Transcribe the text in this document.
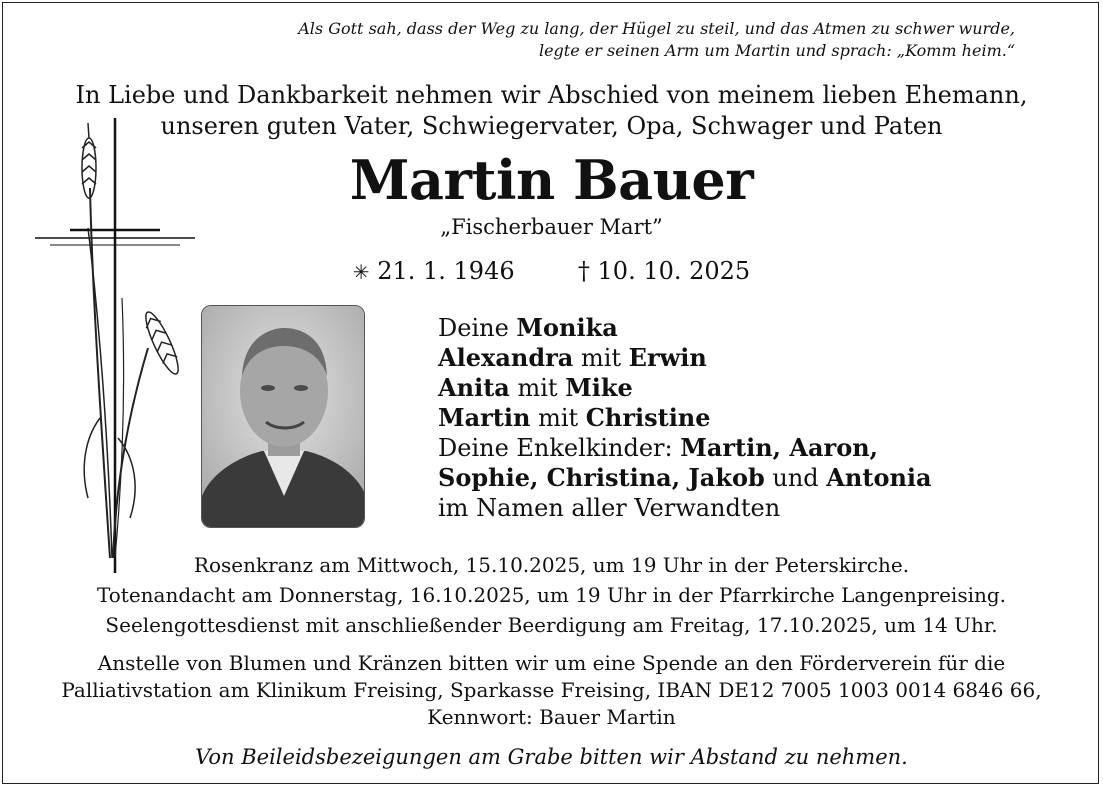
Als Gott sah, dass der Weg zu lang, der Hügel zu steil, und das Atmen zu schwer wurde,
legte er seinen Arm um Martin und sprach: „Komm heim.“
In Liebe und Dankbarkeit nehmen wir Abschied von meinem lieben Ehemann,
unseren guten Vater, Schwiegervater, Opa, Schwager und Paten
„Fischerbauer Mart”
Martin Bauer
✳ 21. 1. 1946	† 10. 10. 2025
Deine Monika
Alexandra mit Erwin
Anita mit Mike
Martin mit Christine
Deine Enkelkinder: Martin, Aaron,
Sophie, Christina, Jakob und Antonia
im Namen aller Verwandten
Rosenkranz am Mittwoch, 15.10.2025, um 19 Uhr in der Peterskirche.
Totenandacht am Donnerstag, 16.10.2025, um 19 Uhr in der Pfarrkirche Langenpreising.
Seelengottesdienst mit anschließender Beerdigung am Freitag, 17.10.2025, um 14 Uhr.
Anstelle von Blumen und Kränzen bitten wir um eine Spende an den Förderverein für die
Palliativstation am Klinikum Freising, Sparkasse Freising, IBAN DE12 7005 1003 0014 6846 66,
Kennwort: Bauer Martin
Von Beileidsbezeigungen am Grabe bitten wir Abstand zu nehmen.
